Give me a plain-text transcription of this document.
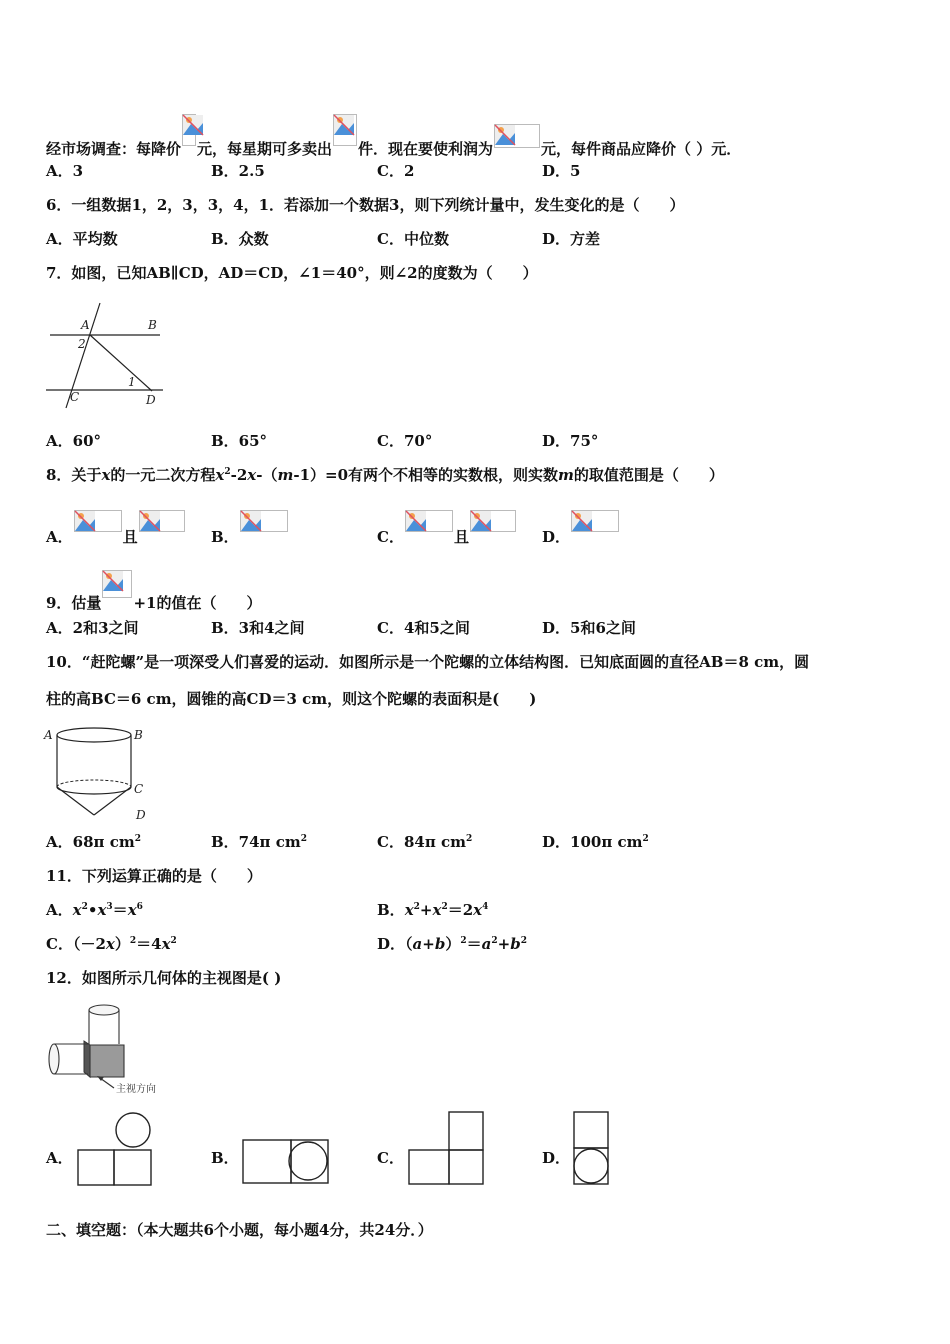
经市场调查：每降价 元，每星期可多卖出 件．现在要使利润为	元，每件商品应降价（ ）元．
A．3	B．2.5	C．2	D．5
6．一组数据1，2，3，3，4，1．若添加一个数据3，则下列统计量中，发生变化的是（　　）
A．平均数	B．众数	C．中位数	D．方差
7．如图，已知AB∥CD，AD＝CD，∠1＝40°，则∠2的度数为（　　）
A	B
C	D
1
2
A．60°	B．65°	C．70°	D．75°
8．关于x的一元二次方程$x^2-2x-(m-1)=0$有两个不相等的实数根，则实数m的取值范围是（　　）
A．	且	B．	C．	且	D．
9．估量 +1的值在（　　）
A．2和3之间	B．3和4之间	C．4和5之间	D．5和6之间
10．“赶陀螺”是一项深受人们喜爱的运动．如图所示是一个陀螺的立体结构图．已知底面圆的直径AB＝8 cm，圆
柱的高BC＝6 cm，圆锥的高CD＝3 cm，则这个陀螺的表面积是(　　)
A	B
C
D
A．68π $cm^2$	B．74π $cm^2$	C．84π $cm^2$	D．100π $cm^2$
11．下列运算正确的是（　　）
A．$x^2•x^3=x^6$	B．$x^2+x^2=2x^4$
C．$(-2x)^2=4x^2$	D．$(a+b)^2=a^2+b^2$
12．如图所示几何体的主视图是( )
主视方向
A．	B．	C．	D．
二、填空题：（本大题共6个小题，每小题4分，共24分．）
